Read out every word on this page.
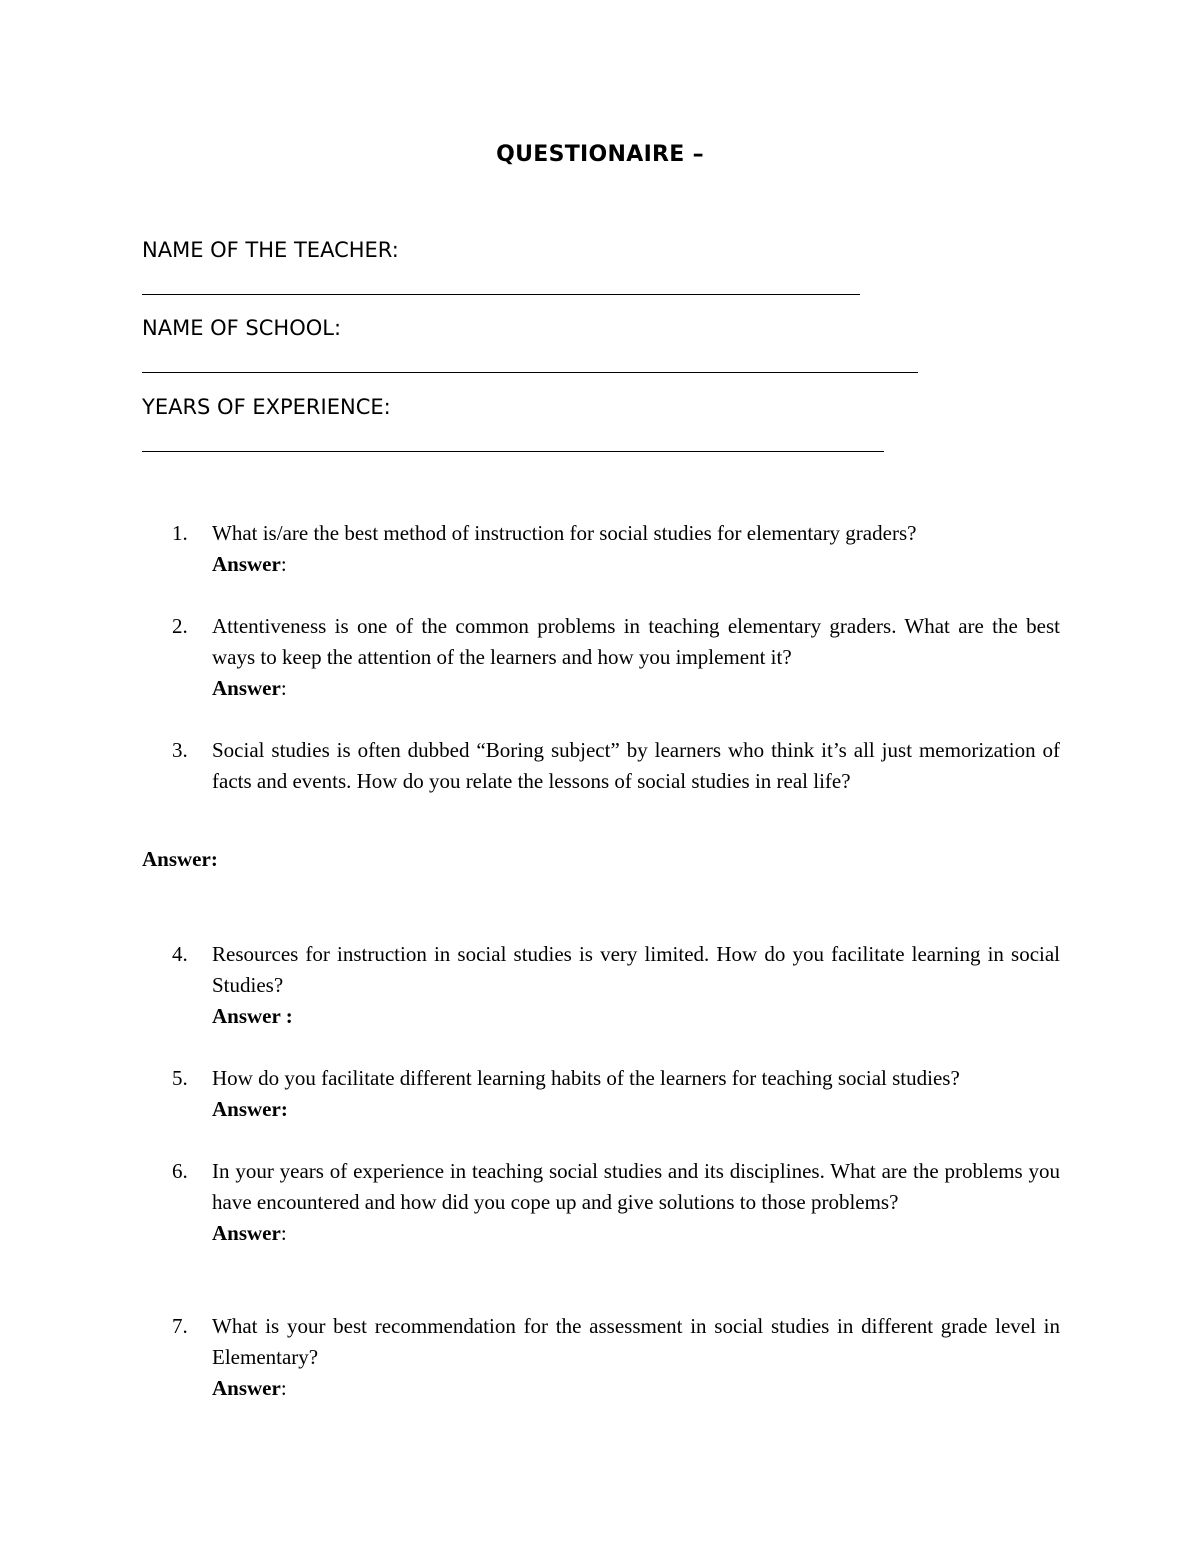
QUESTIONAIRE –
NAME OF THE TEACHER:
NAME OF SCHOOL:
YEARS OF EXPERIENCE:
1.	What is/are the best method of instruction for social studies for elementary graders?
Answer:
2.	Attentiveness is one of the common problems in teaching elementary graders. What are the best ways to keep the attention of the learners and how you implement it?
Answer:
3.	Social studies is often dubbed “Boring subject” by learners who think it’s all just memorization of facts and events. How do you relate the lessons of social studies in real life?
Answer:
4.	Resources for instruction in social studies is very limited. How do you facilitate learning in social Studies?
Answer :
5.	How do you facilitate different learning habits of the learners for teaching social studies?
Answer:
6.	In your years of experience in teaching social studies and its disciplines. What are the problems you have encountered and how did you cope up and give solutions to those problems?
Answer:
7.	What is your best recommendation for the assessment in social studies in different grade level in Elementary?
Answer:
